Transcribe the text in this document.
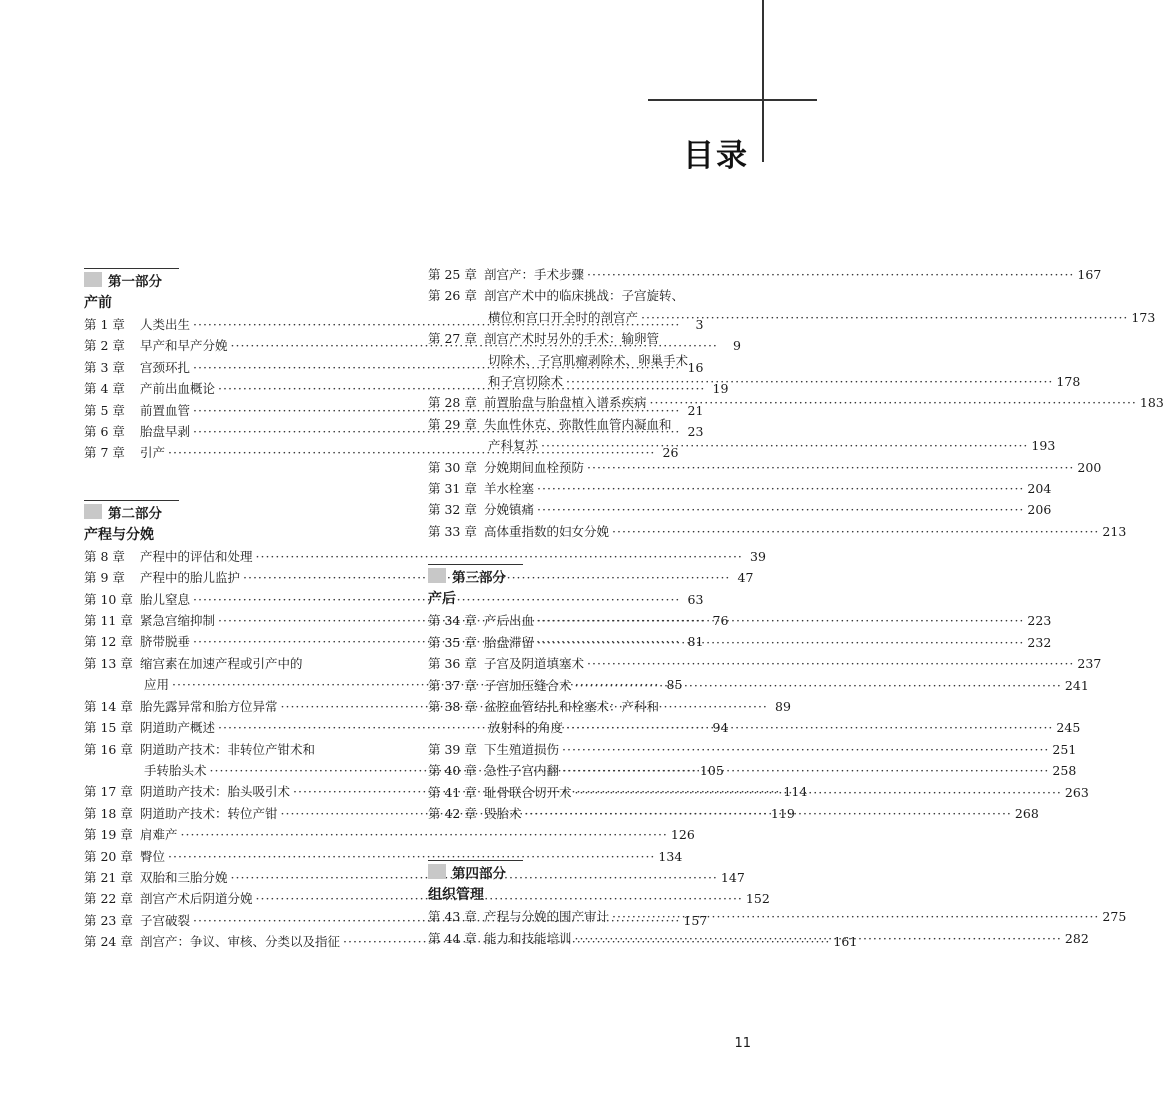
目录
第一部分
产前
第 1 章	人类出生 ·····	3
第 2 章	早产和早产分娩 ·····	9
第 3 章	宫颈环扎 ·····	16
第 4 章	产前出血概论 ·····	19
第 5 章	前置血管 ·····	21
第 6 章	胎盘早剥 ·····	23
第 7 章	引产 ·····	26
第二部分
产程与分娩
第 8 章	产程中的评估和处理 ·····	39
第 9 章	产程中的胎儿监护 ·····	47
第 10 章 胎儿窒息 ·····	63
第 11 章 紧急宫缩抑制 ·····	76
第 12 章 脐带脱垂 ·····	81
第 13 章 缩宫素在加速产程或引产中的
应用 ·····	85
第 14 章 胎先露异常和胎方位异常 ·····	89
第 15 章 阴道助产概述 ·····	94
第 16 章 阴道助产技术：非转位产钳术和
手转胎头术 ·····	105
第 17 章 阴道助产技术：胎头吸引术 ·····	114
第 18 章 阴道助产技术：转位产钳 ·····	119
第 19 章 肩难产 ·····	126
第 20 章 臀位 ·····	134
第 21 章 双胎和三胎分娩 ·····	147
第 22 章 剖宫产术后阴道分娩 ·····	152
第 23 章 子宫破裂 ·····	157
第 24 章 剖宫产：争议、审核、分类以及指征 ·····	161
第 25 章 剖宫产：手术步骤 ·····	167
第 26 章 剖宫产术中的临床挑战：子宫旋转、
横位和宫口开全时的剖宫产 ·····	173
第 27 章 剖宫产术时另外的手术：输卵管
切除术、子宫肌瘤剥除术、卵巢手术
和子宫切除术 ·····	178
第 28 章 前置胎盘与胎盘植入谱系疾病 ·····	183
第 29 章 失血性休克、弥散性血管内凝血和
产科复苏 ·····	193
第 30 章 分娩期间血栓预防 ·····	200
第 31 章 羊水栓塞 ·····	204
第 32 章 分娩镇痛 ·····	206
第 33 章 高体重指数的妇女分娩 ·····	213
第三部分
产后
第 34 章 产后出血 ·····	223
第 35 章 胎盘滞留 ·····	232
第 36 章 子宫及阴道填塞术 ·····	237
第 37 章 子宫加压缝合术 ·····	241
第 38 章 盆腔血管结扎和栓塞术：产科和
放射科的角度 ·····	245
第 39 章 下生殖道损伤 ·····	251
第 40 章 急性子宫内翻 ·····	258
第 41 章 耻骨联合切开术 ·····	263
第 42 章 毁胎术 ·····	268
第四部分
组织管理
第 43 章 产程与分娩的围产审计 ·····	275
第 44 章 能力和技能培训 ·····	282
11
